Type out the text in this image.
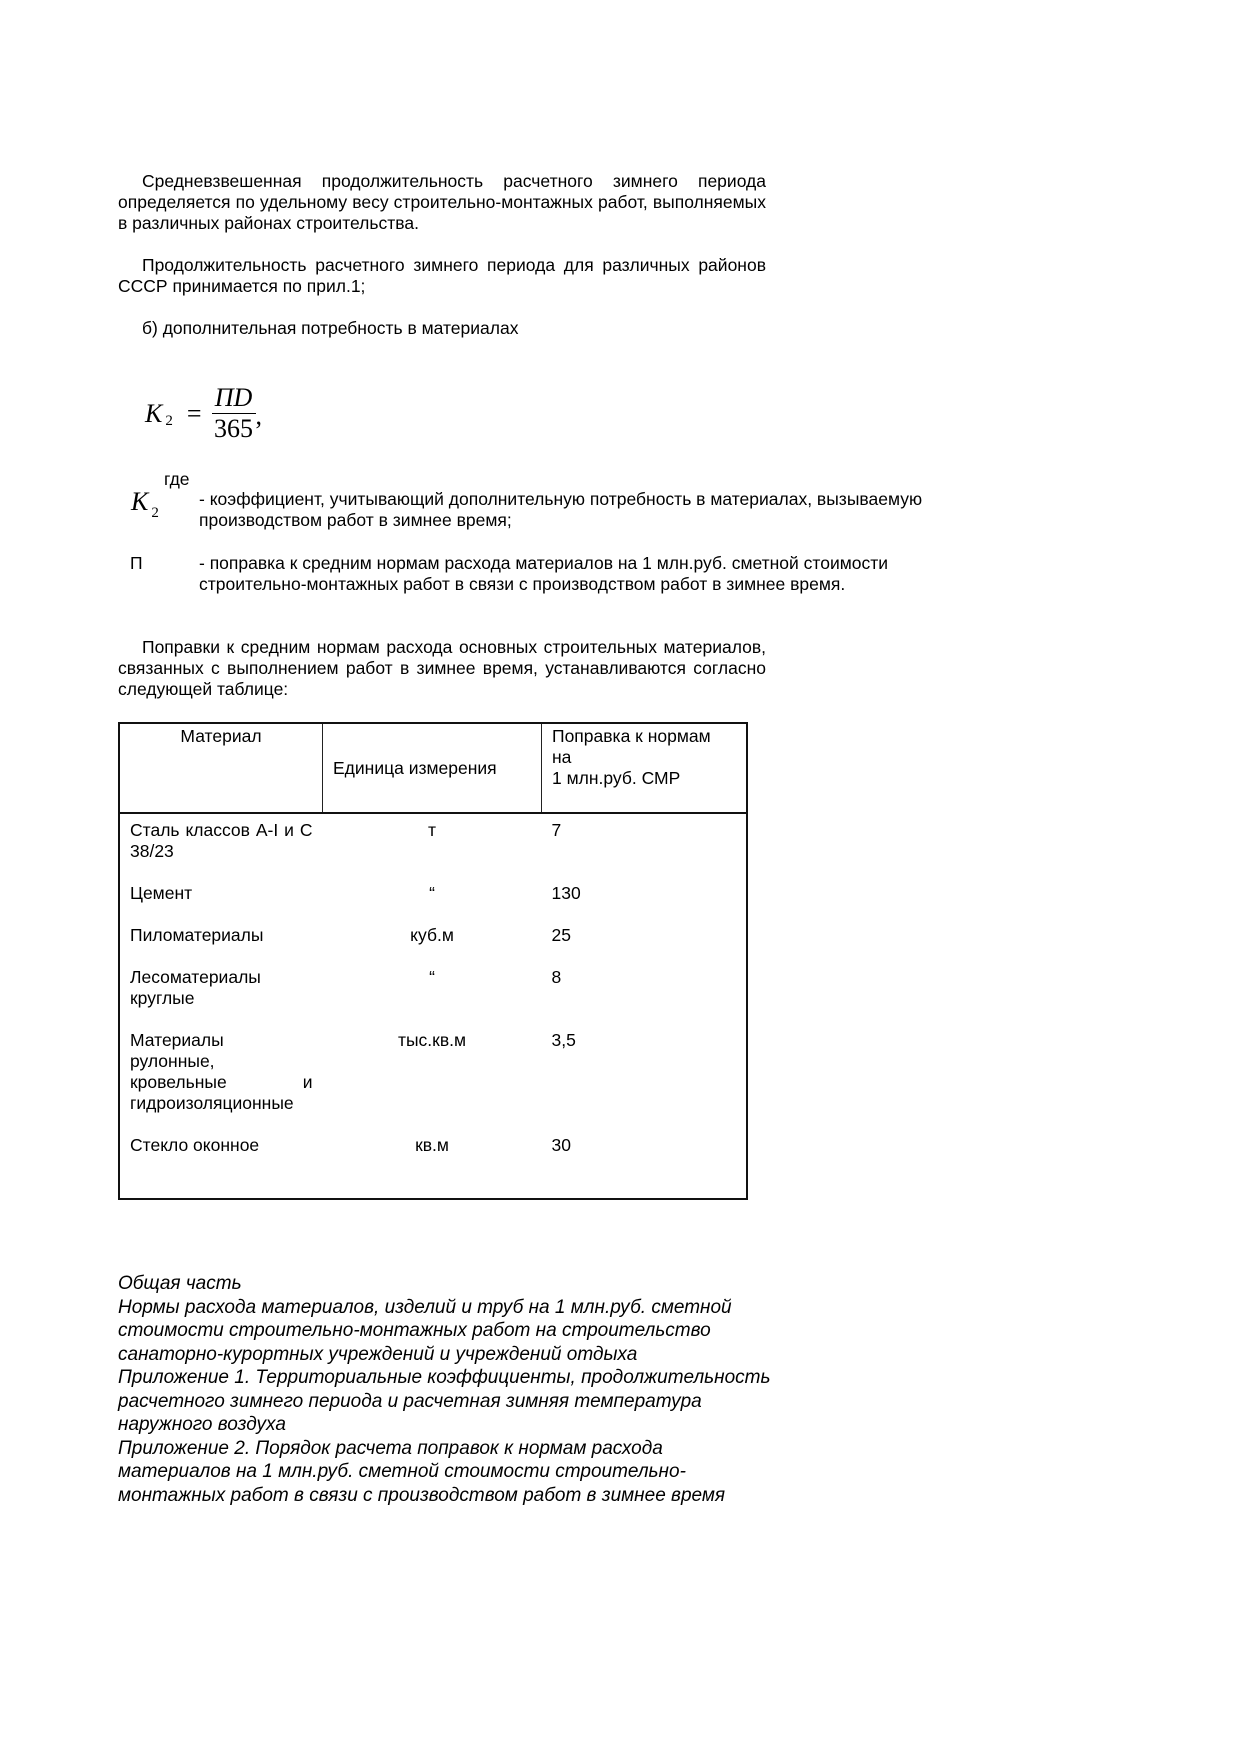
Средневзвешенная продолжительность расчетного зимнего периода определяется по удельному весу строительно-монтажных работ, выполняемых в различных районах строительства.

Продолжительность расчетного зимнего периода для различных районов СССР принимается по прил.1;

б) дополнительная потребность в материалах

K $2 = \frac{ПD}{365}$ ,
где
K $_2$
- коэффициент, учитывающий дополнительную потребность в материалах, вызываемую производством работ в зимнее время;
П	- поправка к средним нормам расхода материалов на 1 млн.руб. сметной стоимости строительно-монтажных работ в связи с производством работ в зимнее время.

Поправки к средним нормам расхода основных строительных материалов, связанных с выполнением работ в зимнее время, устанавливаются согласно следующей таблице:

Материал	Единица измерения	Поправка к нормам
на
1 млн.руб. СМР

Сталь классов А-I и С 38/23	т	7
Цемент	“	130
Пиломатериалы	куб.м	25
Лесоматериалы круглые	“	8
Материалы рулонные, кровельные и гидроизоляционные	тыс.кв.м	3,5
Стекло оконное	кв.м	30
Общая часть
Нормы расхода материалов, изделий и труб на 1 млн.руб. сметной стоимости строительно-монтажных работ на строительство санаторно-курортных учреждений и учреждений отдыха
Приложение 1. Территориальные коэффициенты, продолжительность расчетного зимнего периода и расчетная зимняя температура наружного воздуха
Приложение 2. Порядок расчета поправок к нормам расхода материалов на 1 млн.руб. сметной стоимости строительно-монтажных работ в связи с производством работ в зимнее время
